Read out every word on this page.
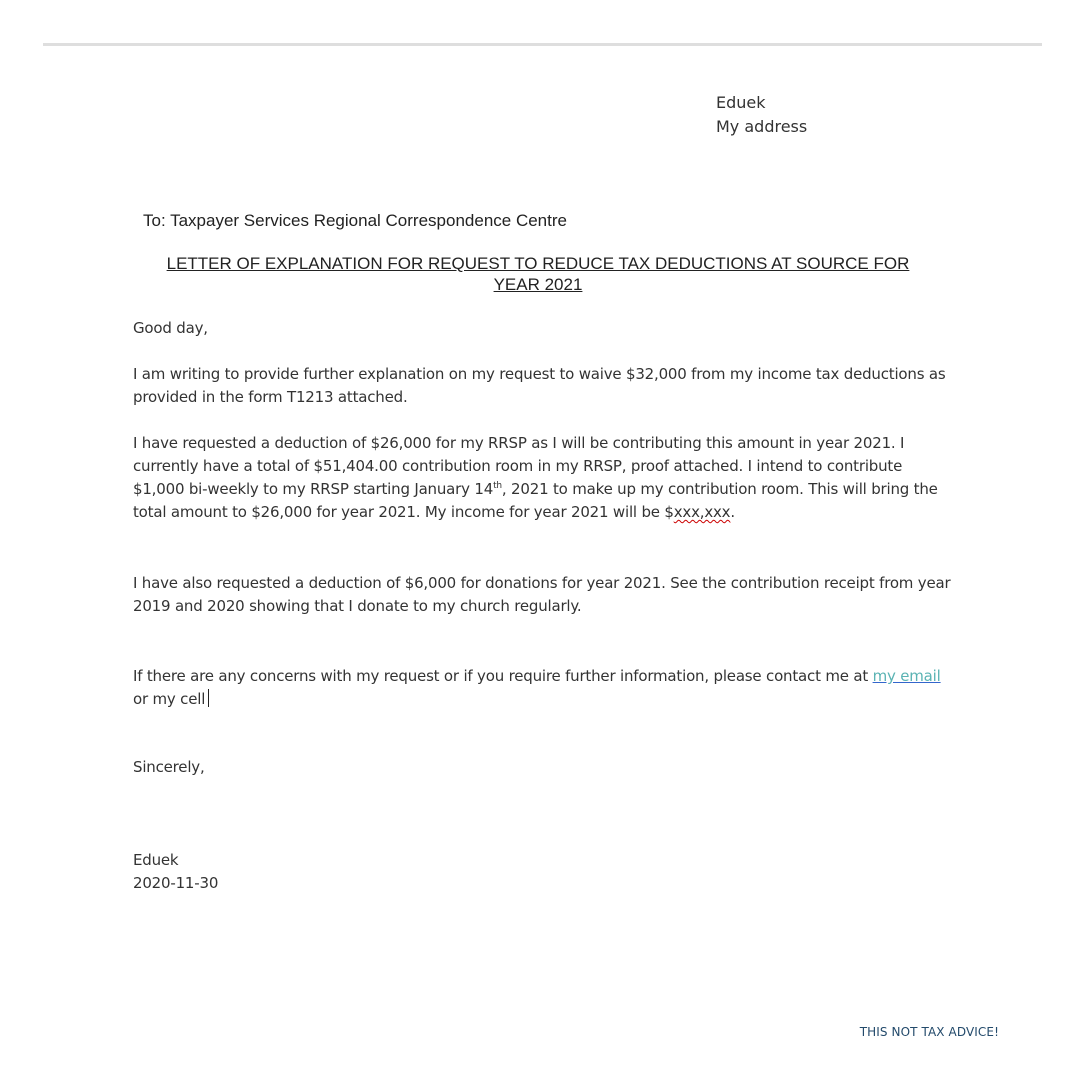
Eduek
My address
To: Taxpayer Services Regional Correspondence Centre
LETTER OF EXPLANATION FOR REQUEST TO REDUCE TAX DEDUCTIONS AT SOURCE FOR
YEAR 2021
Good day,
I am writing to provide further explanation on my request to waive $32,000 from my income tax deductions as provided in the form T1213 attached.
I have requested a deduction of $26,000 for my RRSP as I will be contributing this amount in year 2021. I currently have a total of $51,404.00 contribution room in my RRSP, proof attached. I intend to contribute $1,000 bi-weekly to my RRSP starting January 14th, 2021 to make up my contribution room. This will bring the total amount to $26,000 for year 2021. My income for year 2021 will be $xxx,xxx.
I have also requested a deduction of $6,000 for donations for year 2021. See the contribution receipt from year 2019 and 2020 showing that I donate to my church regularly.
If there are any concerns with my request or if you require further information, please contact me at my email or my cell
Sincerely,
Eduek
2020-11-30
THIS NOT TAX ADVICE!
